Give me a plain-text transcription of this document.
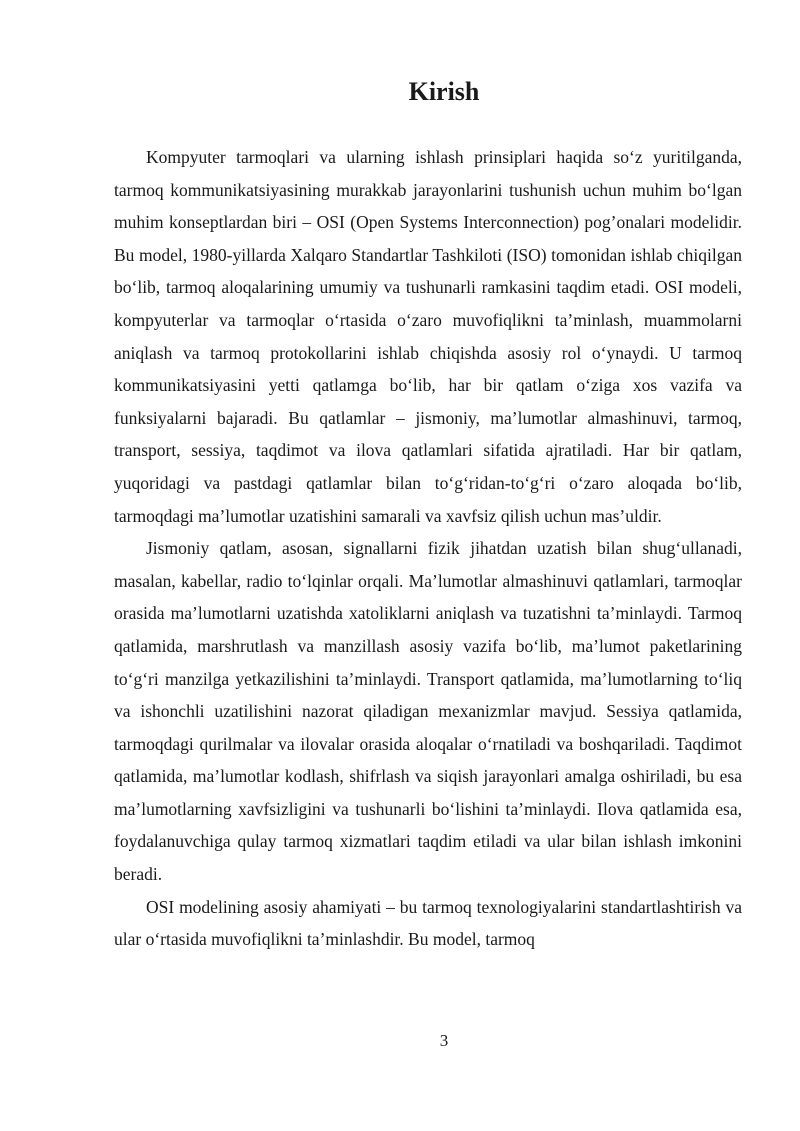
Kirish

Kompyuter tarmoqlari va ularning ishlash prinsiplari haqida so‘z yuritilganda, tarmoq kommunikatsiyasining murakkab jarayonlarini tushunish uchun muhim bo‘lgan muhim konseptlardan biri – OSI (Open Systems Interconnection) pog’onalari modelidir. Bu model, 1980-yillarda Xalqaro Standartlar Tashkiloti (ISO) tomonidan ishlab chiqilgan bo‘lib, tarmoq aloqalarining umumiy va tushunarli ramkasini taqdim etadi. OSI modeli, kompyuterlar va tarmoqlar o‘rtasida o‘zaro muvofiqlikni ta’minlash, muammolarni aniqlash va tarmoq protokollarini ishlab chiqishda asosiy rol o‘ynaydi. U tarmoq kommunikatsiyasini yetti qatlamga bo‘lib, har bir qatlam o‘ziga xos vazifa va funksiyalarni bajaradi. Bu qatlamlar – jismoniy, ma’lumotlar almashinuvi, tarmoq, transport, sessiya, taqdimot va ilova qatlamlari sifatida ajratiladi. Har bir qatlam, yuqoridagi va pastdagi qatlamlar bilan to‘g‘ridan-to‘g‘ri o‘zaro aloqada bo‘lib, tarmoqdagi ma’lumotlar uzatishini samarali va xavfsiz qilish uchun mas’uldir.

Jismoniy qatlam, asosan, signallarni fizik jihatdan uzatish bilan shug‘ullanadi, masalan, kabellar, radio to‘lqinlar orqali. Ma’lumotlar almashinuvi qatlamlari, tarmoqlar orasida ma’lumotlarni uzatishda xatoliklarni aniqlash va tuzatishni ta’minlaydi. Tarmoq qatlamida, marshrutlash va manzillash asosiy vazifa bo‘lib, ma’lumot paketlarining to‘g‘ri manzilga yetkazilishini ta’minlaydi. Transport qatlamida, ma’lumotlarning to‘liq va ishonchli uzatilishini nazorat qiladigan mexanizmlar mavjud. Sessiya qatlamida, tarmoqdagi qurilmalar va ilovalar orasida aloqalar o‘rnatiladi va boshqariladi. Taqdimot qatlamida, ma’lumotlar kodlash, shifrlash va siqish jarayonlari amalga oshiriladi, bu esa ma’lumotlarning xavfsizligini va tushunarli bo‘lishini ta’minlaydi. Ilova qatlamida esa, foydalanuvchiga qulay tarmoq xizmatlari taqdim etiladi va ular bilan ishlash imkonini beradi.

OSI modelining asosiy ahamiyati – bu tarmoq texnologiyalarini standartlashtirish va ular o‘rtasida muvofiqlikni ta’minlashdir. Bu model, tarmoq

3
